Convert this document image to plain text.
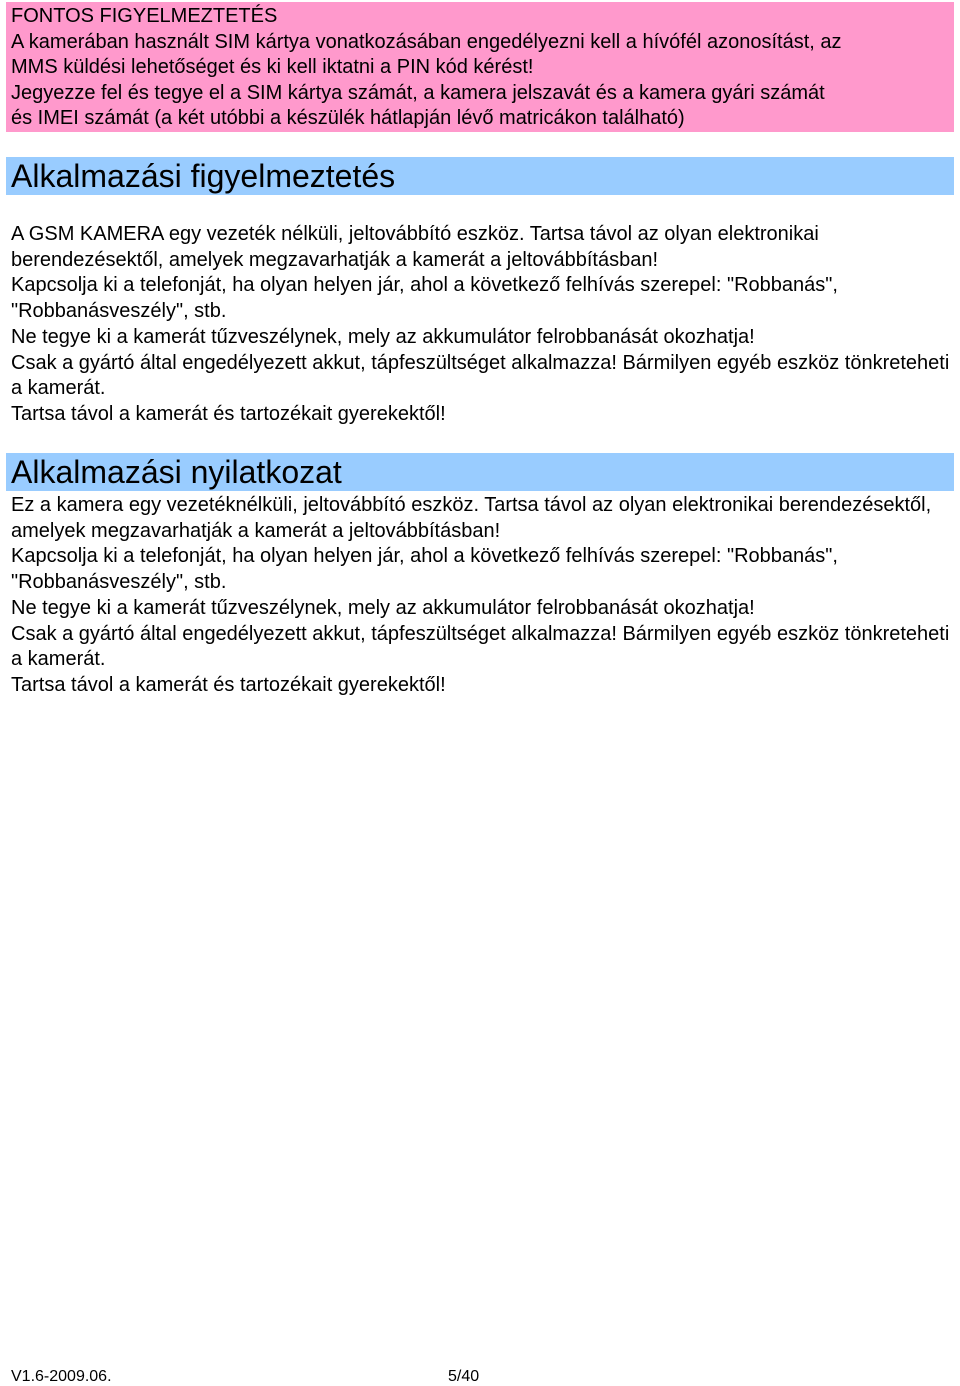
FONTOS FIGYELMEZTETÉS
A kamerában használt SIM kártya vonatkozásában engedélyezni kell a hívófél azonosítást, az
MMS küldési lehetőséget és ki kell iktatni a PIN kód kérést!
Jegyezze fel és tegye el a SIM kártya számát, a kamera jelszavát és a kamera gyári számát
és IMEI számát (a két utóbbi a készülék hátlapján lévő matricákon található)
Alkalmazási figyelmeztetés

A GSM KAMERA egy vezeték nélküli, jeltovábbító eszköz. Tartsa távol az olyan elektronikai berendezésektől, amelyek megzavarhatják a kamerát a jeltovábbításban!

Kapcsolja ki a telefonját, ha olyan helyen jár, ahol a következő felhívás szerepel: "Robbanás", "Robbanásveszély", stb.

Ne tegye ki a kamerát tűzveszélynek, mely az akkumulátor felrobbanását okozhatja!

Csak a gyártó által engedélyezett akkut, tápfeszültséget alkalmazza! Bármilyen egyéb eszköz tönkreteheti a kamerát.

Tartsa távol a kamerát és tartozékait gyerekektől!

Alkalmazási nyilatkozat

Ez a kamera egy vezetéknélküli, jeltovábbító eszköz. Tartsa távol az olyan elektronikai berendezésektől, amelyek megzavarhatják a kamerát a jeltovábbításban!

Kapcsolja ki a telefonját, ha olyan helyen jár, ahol a következő felhívás szerepel: "Robbanás", "Robbanásveszély", stb.

Ne tegye ki a kamerát tűzveszélynek, mely az akkumulátor felrobbanását okozhatja!

Csak a gyártó által engedélyezett akkut, tápfeszültséget alkalmazza! Bármilyen egyéb eszköz tönkreteheti a kamerát.

Tartsa távol a kamerát és tartozékait gyerekektől!

V1.6-2009.06.	5/40
